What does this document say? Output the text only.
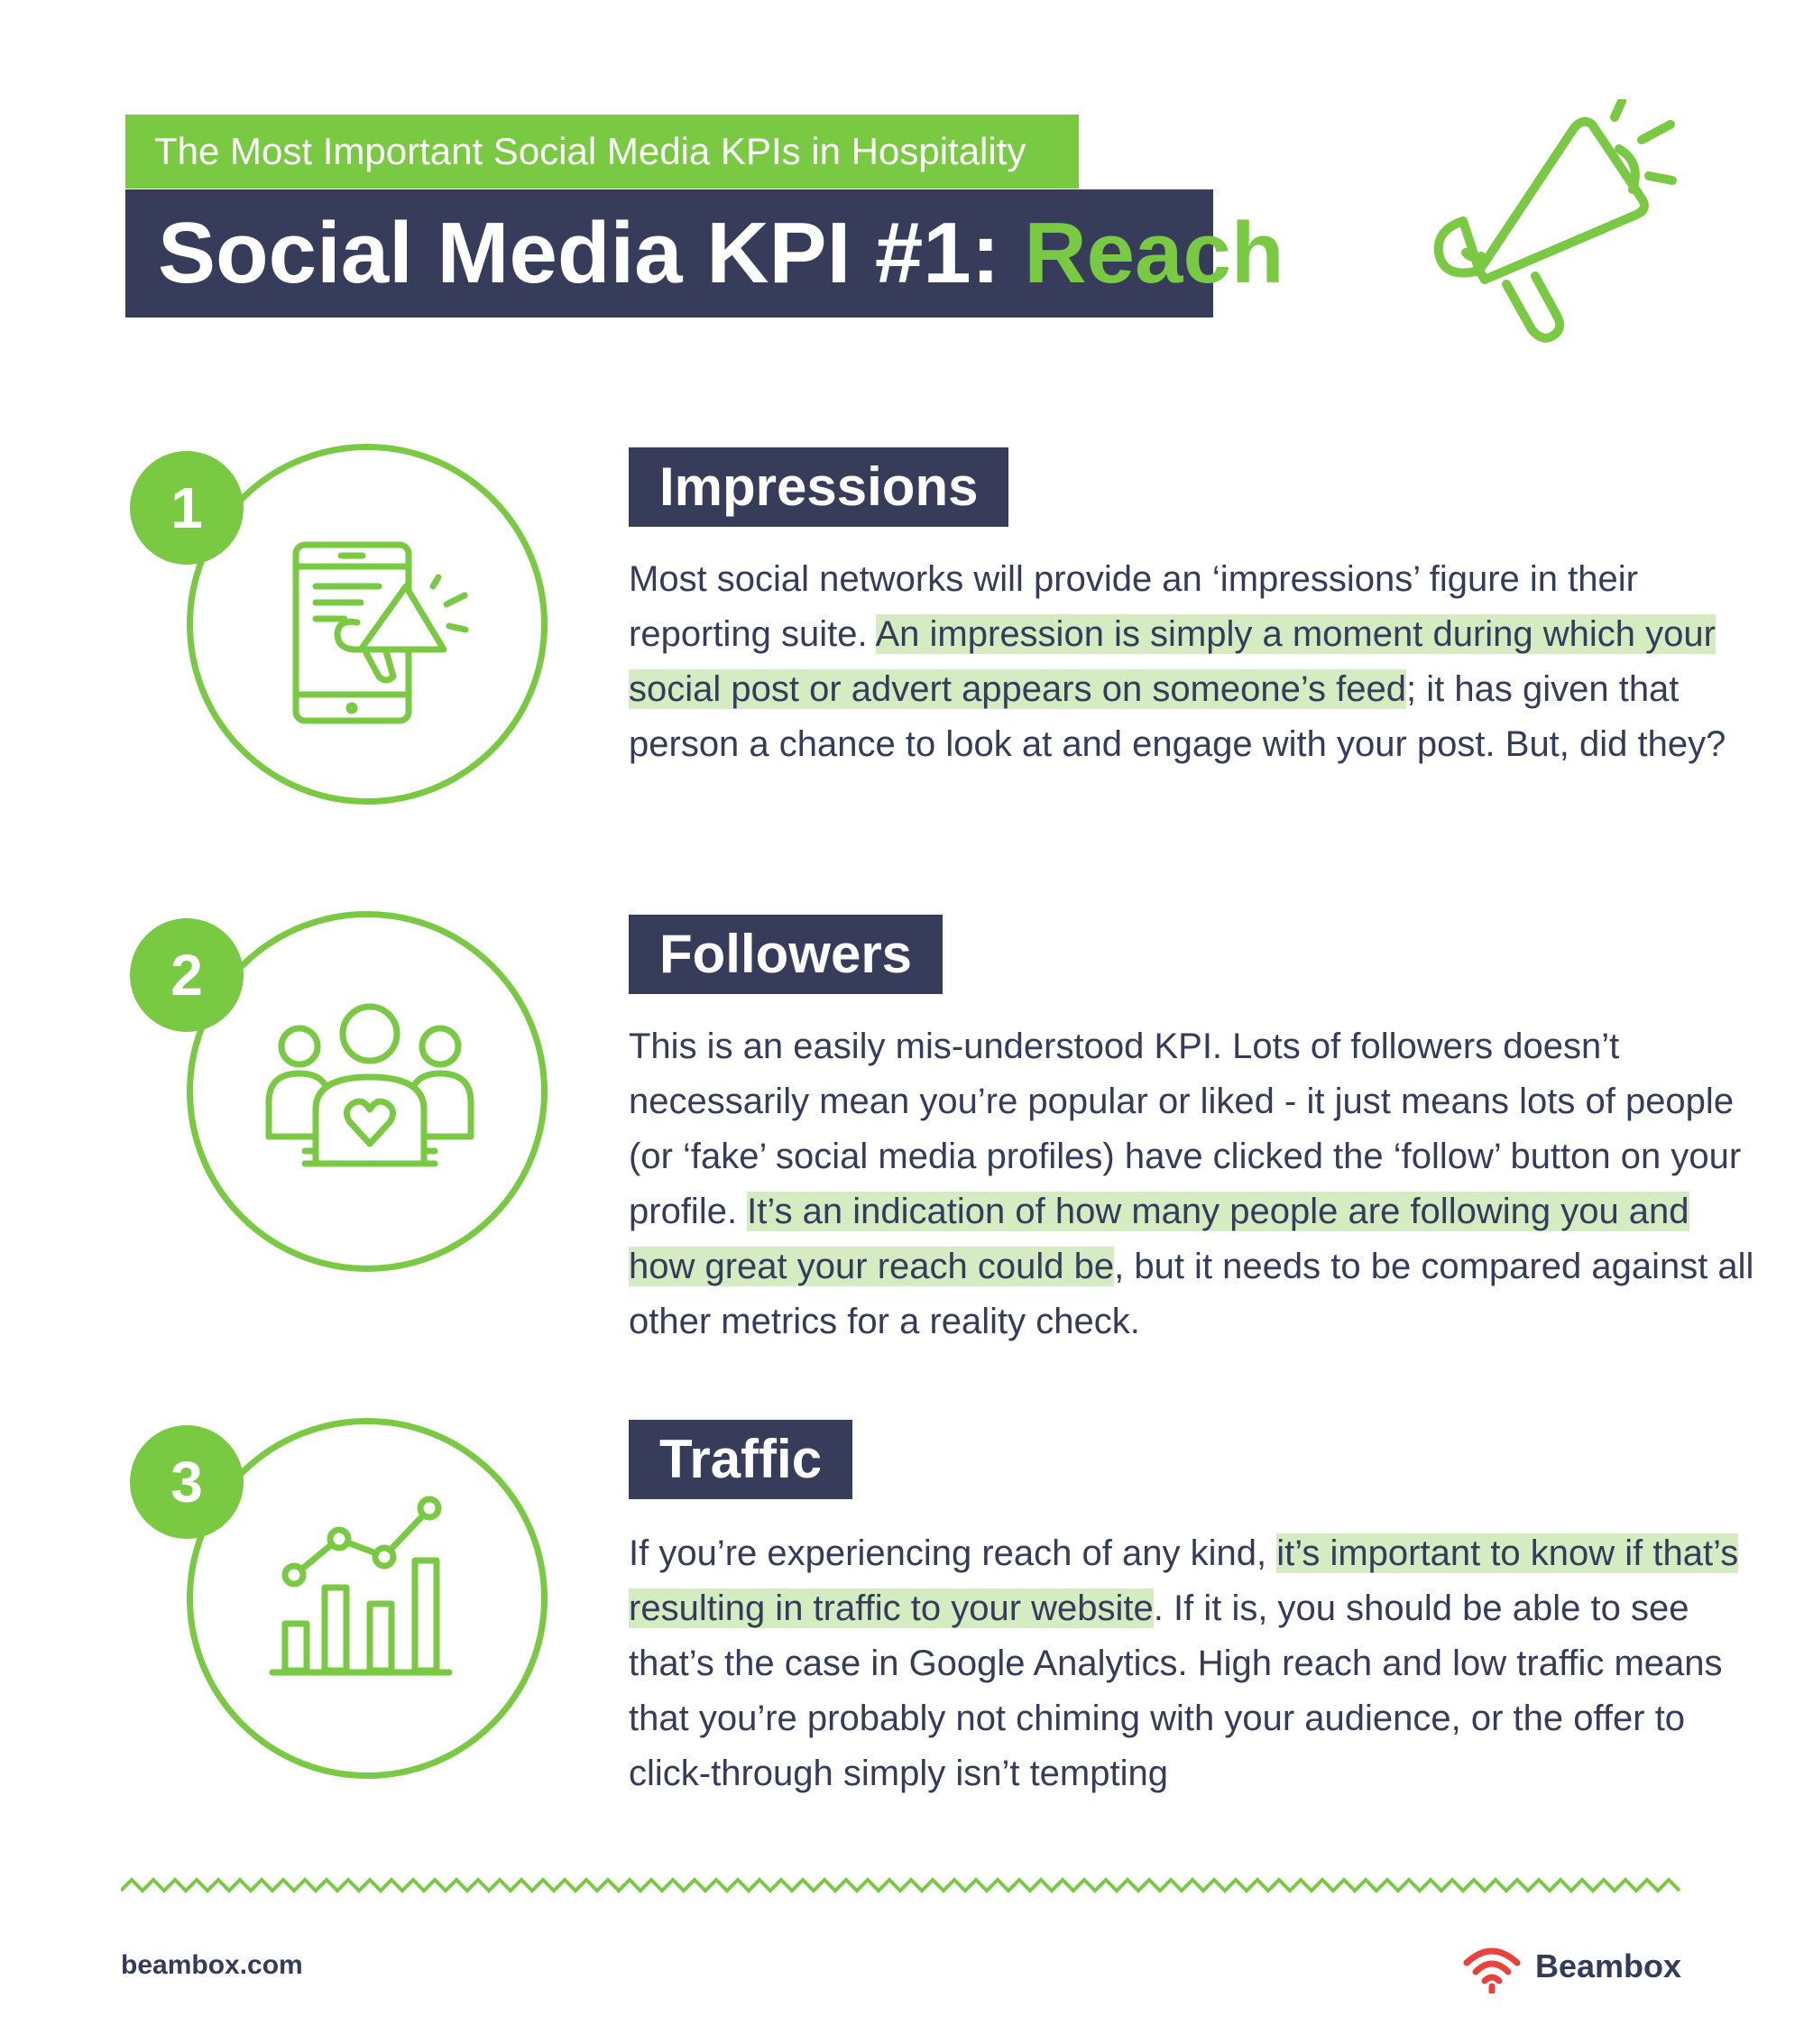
The Most Important Social Media KPIs in Hospitality
Social Media KPI #1: Reach
1	Impressions
Most social networks will provide an ‘impressions’ figure in their reporting suite. An impression is simply a moment during which your social post or advert appears on someone’s feed; it has given that person a chance to look at and engage with your post. But, did they?
2	Followers
This is an easily mis-understood KPI. Lots of followers doesn’t necessarily mean you’re popular or liked - it just means lots of people (or ‘fake’ social media profiles) have clicked the ‘follow’ button on your profile. It’s an indication of how many people are following you and how great your reach could be, but it needs to be compared against all other metrics for a reality check.
3	Traffic
If you’re experiencing reach of any kind, it’s important to know if that’s resulting in traffic to your website. If it is, you should be able to see that’s the case in Google Analytics. High reach and low traffic means that you’re probably not chiming with your audience, or the offer to click-through simply isn’t tempting
beambox.com	Beambox
